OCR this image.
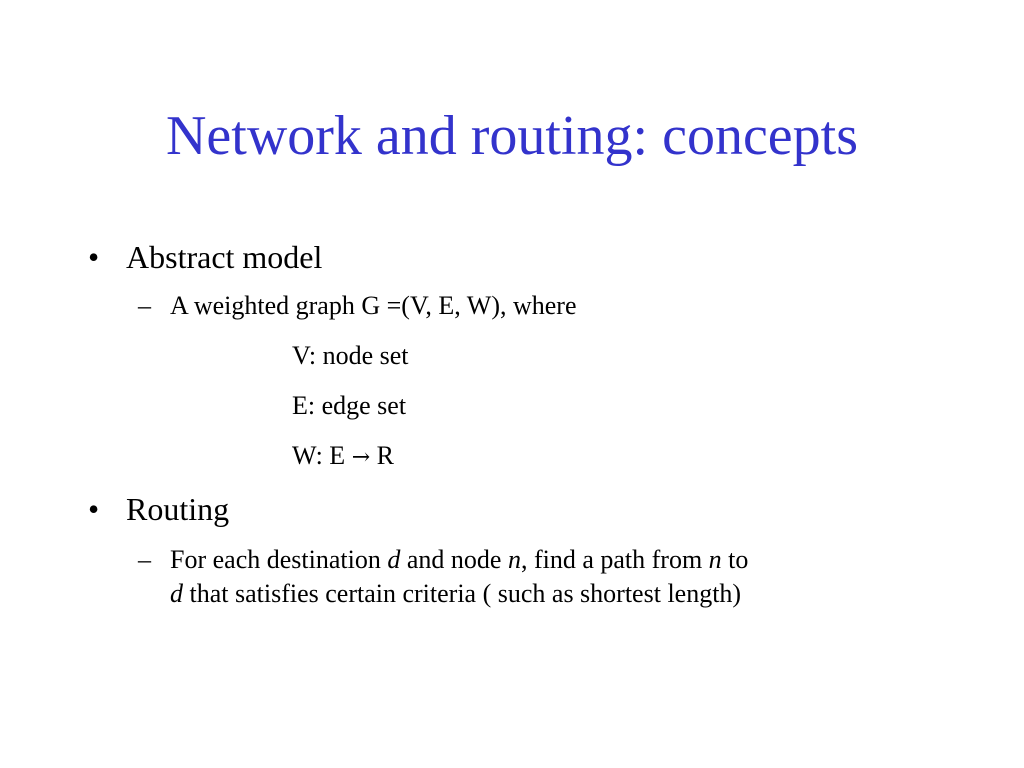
Network and routing: concepts
• Abstract model
– A weighted graph G =(V, E, W), where
V: node set
E: edge set
W: E → R
• Routing
– For each destination d and node n, find a path from n to
d that satisfies certain criteria ( such as shortest length)
